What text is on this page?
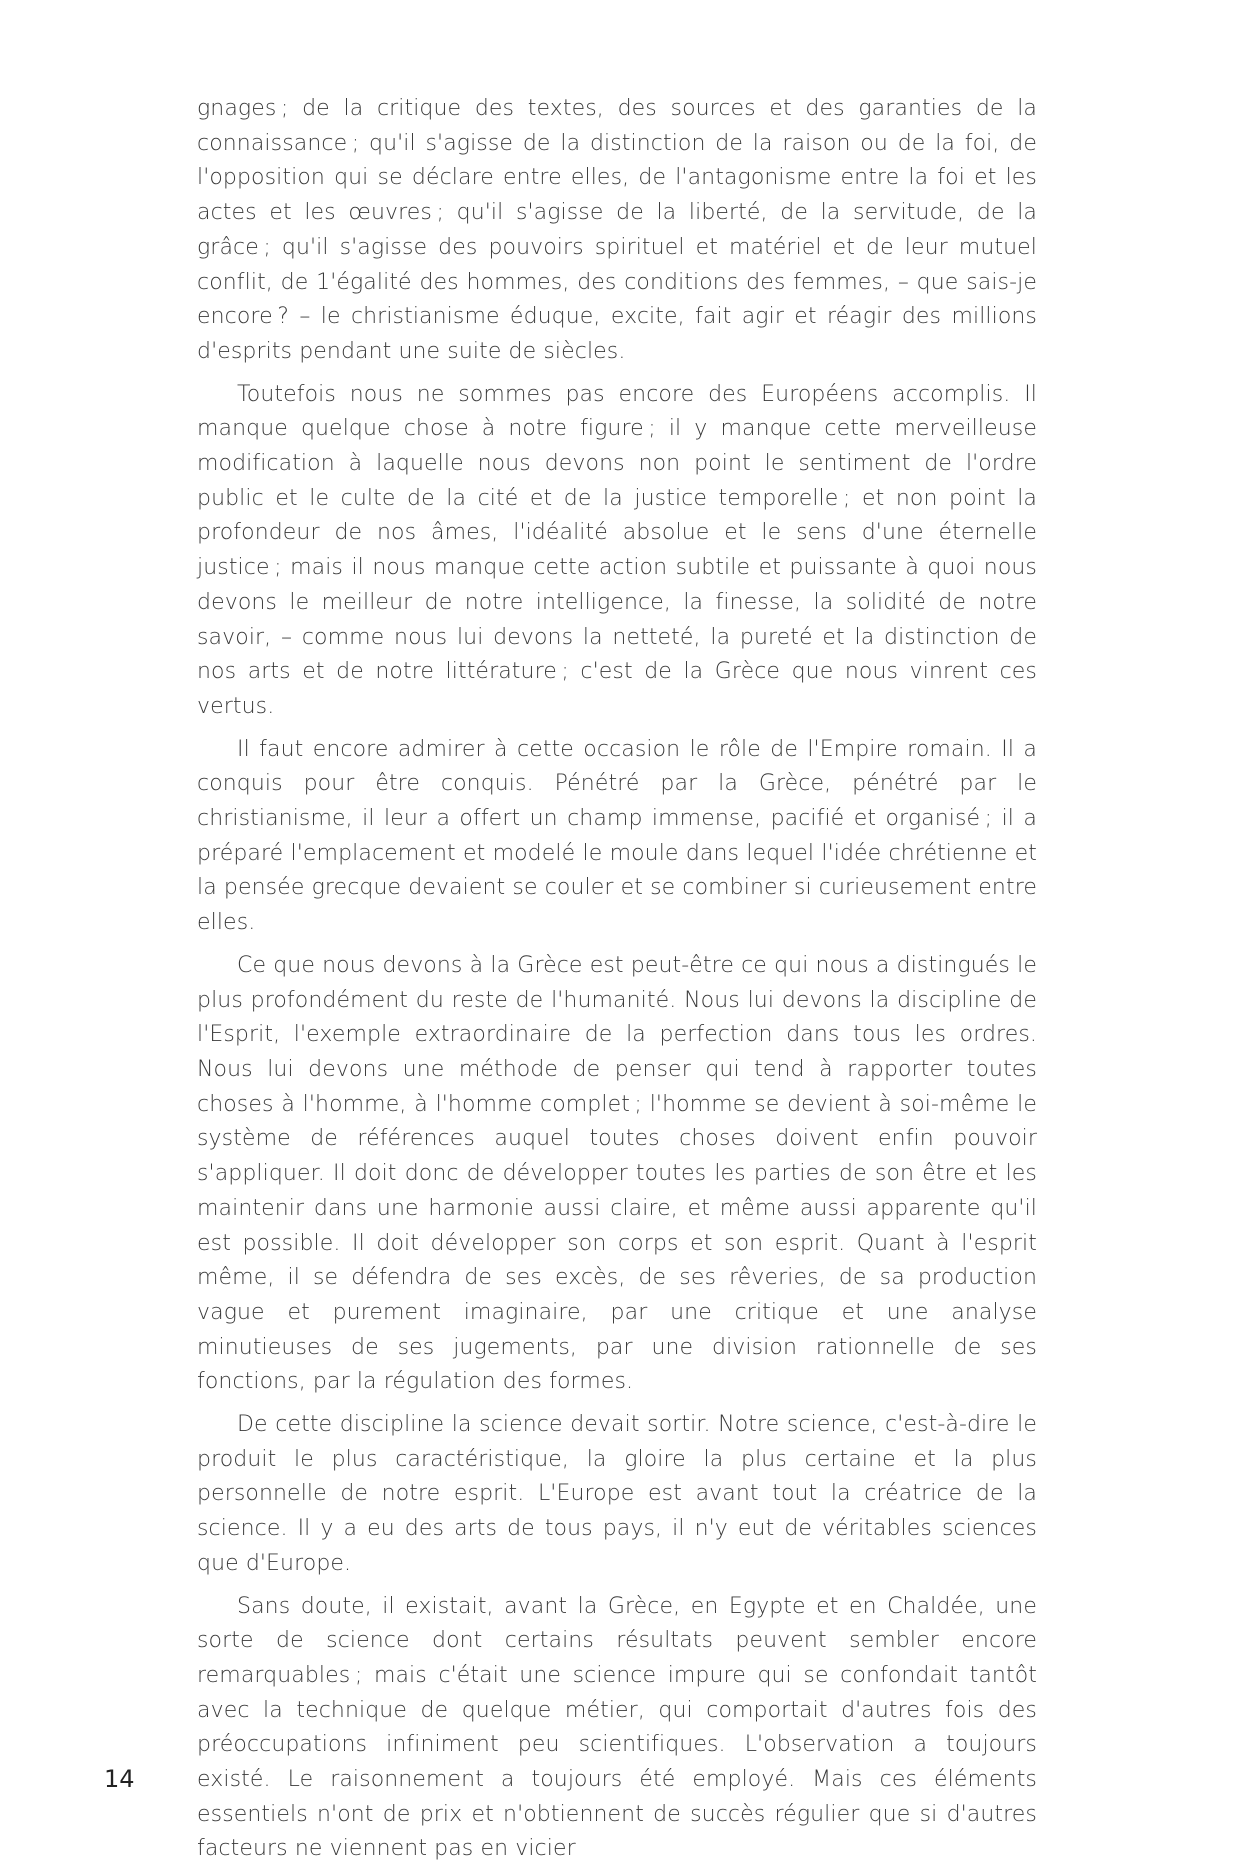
gnages ; de la critique des textes, des sources et des garanties de la connaissance ; qu'il s'agisse de la distinction de la raison ou de la foi, de l'opposition qui se déclare entre elles, de l'antagonisme entre la foi et les actes et les œuvres ; qu'il s'agisse de la liberté, de la servitude, de la grâce ; qu'il s'agisse des pouvoirs spirituel et matériel et de leur mutuel conflit, de 1'égalité des hommes, des conditions des femmes, – que sais-je encore ? – le christianisme éduque, excite, fait agir et réagir des millions d'esprits pendant une suite de siècles.

Toutefois nous ne sommes pas encore des Européens accomplis. Il manque quelque chose à notre figure ; il y manque cette merveilleuse modification à laquelle nous devons non point le sentiment de l'ordre public et le culte de la cité et de la justice temporelle ; et non point la profondeur de nos âmes, l'idéalité absolue et le sens d'une éternelle justice ; mais il nous manque cette action subtile et puissante à quoi nous devons le meilleur de notre intelligence, la finesse, la solidité de notre savoir, – comme nous lui devons la netteté, la pureté et la distinction de nos arts et de notre littérature ; c'est de la Grèce que nous vinrent ces vertus.

Il faut encore admirer à cette occasion le rôle de l'Empire romain. Il a conquis pour être conquis. Pénétré par la Grèce, pénétré par le christianisme, il leur a offert un champ immense, pacifié et organisé ; il a préparé l'emplacement et modelé le moule dans lequel l'idée chrétienne et la pensée grecque devaient se couler et se combiner si curieusement entre elles.

Ce que nous devons à la Grèce est peut-être ce qui nous a distingués le plus profondément du reste de l'humanité. Nous lui devons la discipline de l'Esprit, l'exemple extraordinaire de la perfection dans tous les ordres. Nous lui devons une méthode de penser qui tend à rapporter toutes choses à l'homme, à l'homme complet ; l'homme se devient à soi-même le système de références auquel toutes choses doivent enfin pouvoir s'appliquer. Il doit donc de développer toutes les parties de son être et les maintenir dans une harmonie aussi claire, et même aussi apparente qu'il est possible. Il doit développer son corps et son esprit. Quant à l'esprit même, il se défendra de ses excès, de ses rêveries, de sa production vague et purement imaginaire, par une critique et une analyse minutieuses de ses jugements, par une division rationnelle de ses fonctions, par la régulation des formes.

De cette discipline la science devait sortir. Notre science, c'est-à-dire le produit le plus caractéristique, la gloire la plus certaine et la plus personnelle de notre esprit. L'Europe est avant tout la créatrice de la science. Il y a eu des arts de tous pays, il n'y eut de véritables sciences que d'Europe.

Sans doute, il existait, avant la Grèce, en Egypte et en Chaldée, une sorte de science dont certains résultats peuvent sembler encore remarquables ; mais c'était une science impure qui se confondait tantôt avec la technique de quelque métier, qui comportait d'autres fois des préoccupations infiniment peu scientifiques. L'observation a toujours existé. Le raisonnement a toujours été employé. Mais ces éléments essentiels n'ont de prix et n'obtiennent de succès régulier que si d'autres facteurs ne viennent pas en vicier

14
